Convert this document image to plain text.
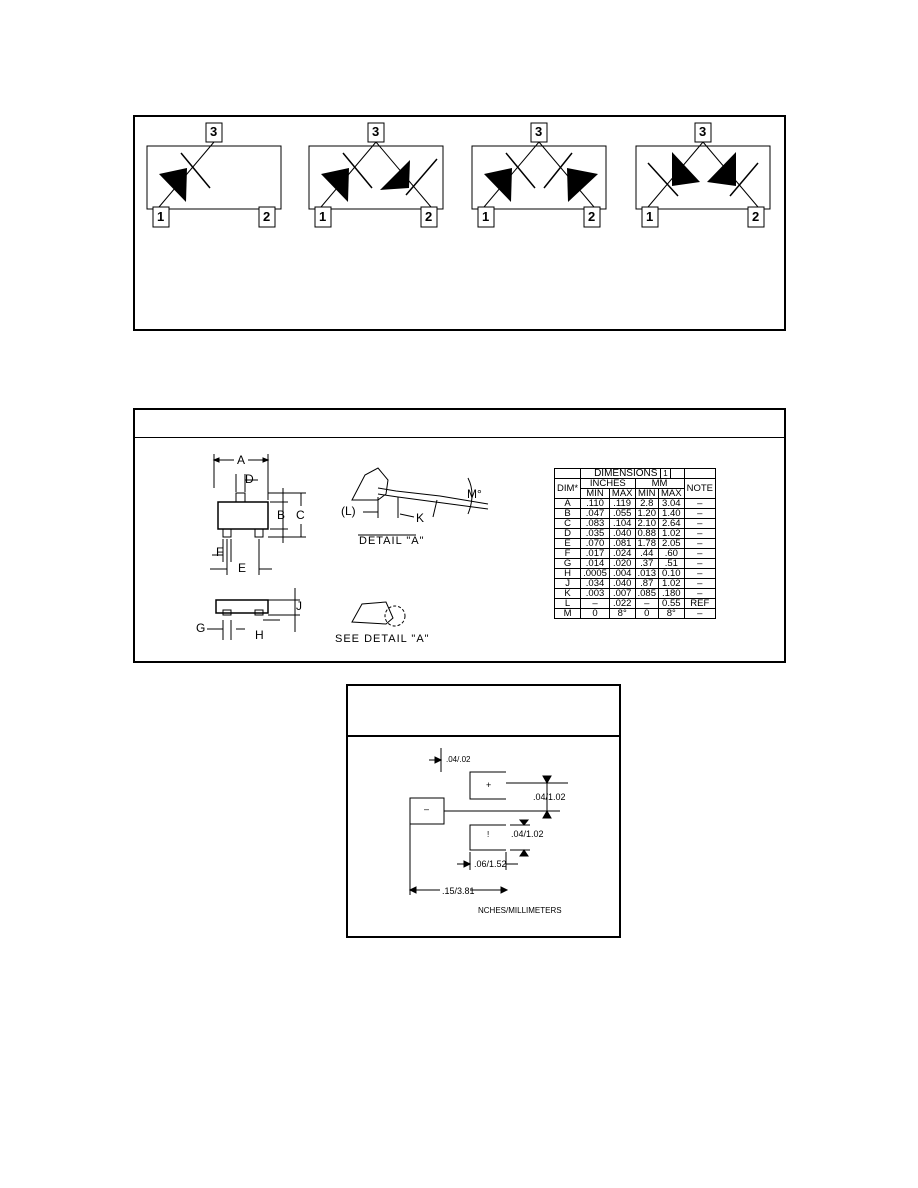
3
1	2
3
1	2
3
1	2
3
1	2
A
D
B C
F
E
J
G	H
(L)	K
M°
DETAIL "A"
SEE DETAIL "A"
	DIMENSIONS 1				
DIM*	INCHES		MM		NOTE
	MIN	MAX	MIN	MAX	
A	.110	.119	2.8	3.04	–
B	.047	.055	1.20	1.40	–
C	.083	.104	2.10	2.64	–
D	.035	.040	0.88	1.02	–
E	.070	.081	1.78	2.05	–
F	.017	.024	.44	.60	–
G	.014	.020	.37	.51	–
H	.0005	.004	.013	0.10	–
J	.034	.040	.87	1.02	–
K	.003	.007	.085	.180	–
L	–	.022	–	0.55	REF
M	0	8°	0	8°	–
.04/.02
.04/1.02
.04/1.02
.06/1.52
.15/3.81
NCHES/MILLIMETERS
+
–
!
